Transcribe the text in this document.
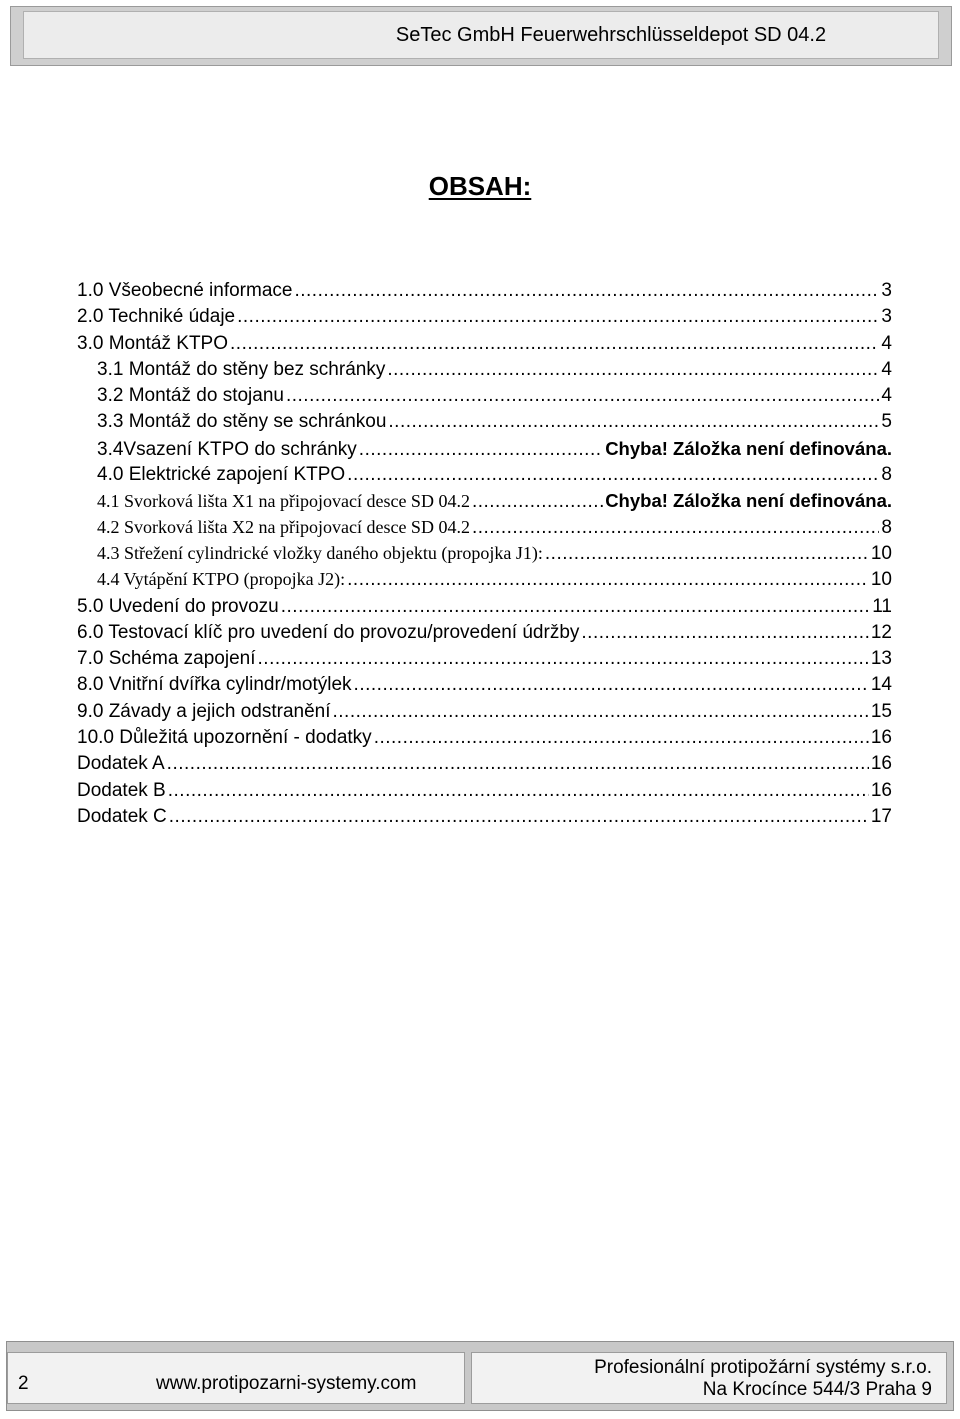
SeTec GmbH Feuerwehrschlüsseldepot SD 04.2
OBSAH:
1.0 Všeobecné informace .....	3
2.0 Techniké údaje .....	3
3.0 Montáž KTPO .....	4
3.1 Montáž do stěny bez schránky .....	4
3.2 Montáž do stojanu .....	4
3.3 Montáž do stěny se schránkou .....	5
3.4Vsazení KTPO do schránky .....	Chyba! Záložka není definována.
4.0 Elektrické zapojení KTPO .....	8
4.1 Svorková lišta X1 na připojovací desce SD 04.2 .....	Chyba! Záložka není definována.
4.2 Svorková lišta X2 na připojovací desce SD 04.2 .....	8
4.3 Střežení cylindrické vložky daného objektu (propojka J1): .....	10
4.4 Vytápění KTPO (propojka J2): .....	10
5.0 Uvedení do provozu .....	11
6.0 Testovací klíč pro uvedení do provozu/provedení údržby .....	12
7.0 Schéma zapojení .....	13
8.0 Vnitřní dvířka cylindr/motýlek .....	14
9.0 Závady a jejich odstranění .....	15
10.0 Důležitá upozornění - dodatky .....	16
Dodatek A .....	16
Dodatek B .....	16
Dodatek C .....	17
2	www.protipozarni-systemy.com
Profesionální protipožární systémy s.r.o.
Na Krocínce 544/3 Praha 9
